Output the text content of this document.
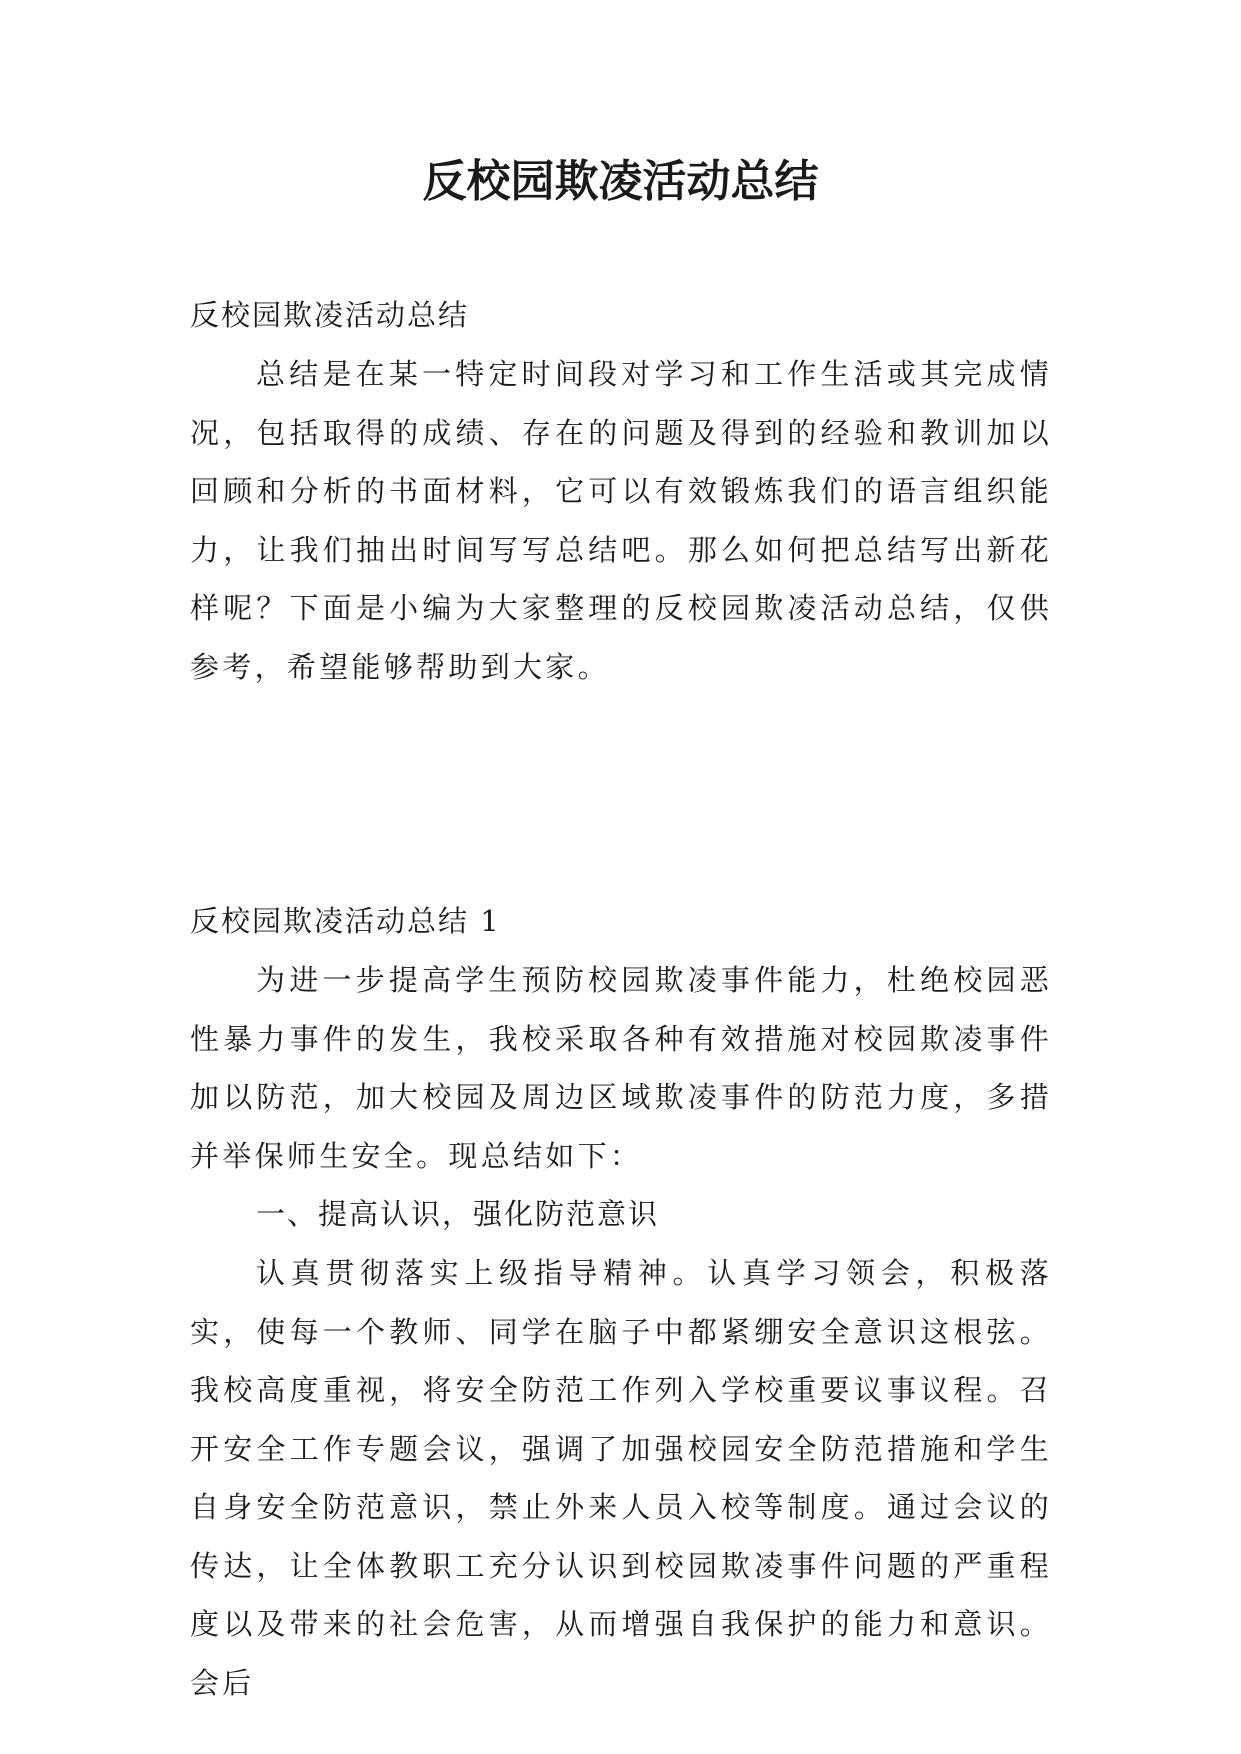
反校园欺凌活动总结

反校园欺凌活动总结

总结是在某一特定时间段对学习和工作生活或其完成情况，包括取得的成绩、存在的问题及得到的经验和教训加以回顾和分析的书面材料，它可以有效锻炼我们的语言组织能力，让我们抽出时间写写总结吧。那么如何把总结写出新花样呢？下面是小编为大家整理的反校园欺凌活动总结，仅供参考，希望能够帮助到大家。

反校园欺凌活动总结 1

为进一步提高学生预防校园欺凌事件能力，杜绝校园恶性暴力事件的发生，我校采取各种有效措施对校园欺凌事件加以防范，加大校园及周边区域欺凌事件的防范力度，多措并举保师生安全。现总结如下：

一、提高认识，强化防范意识

认真贯彻落实上级指导精神。认真学习领会，积极落实，使每一个教师、同学在脑子中都紧绷安全意识这根弦。我校高度重视，将安全防范工作列入学校重要议事议程。召开安全工作专题会议，强调了加强校园安全防范措施和学生自身安全防范意识，禁止外来人员入校等制度。通过会议的传达，让全体教职工充分认识到校园欺凌事件问题的严重程度以及带来的社会危害，从而增强自我保护的能力和意识。会后
